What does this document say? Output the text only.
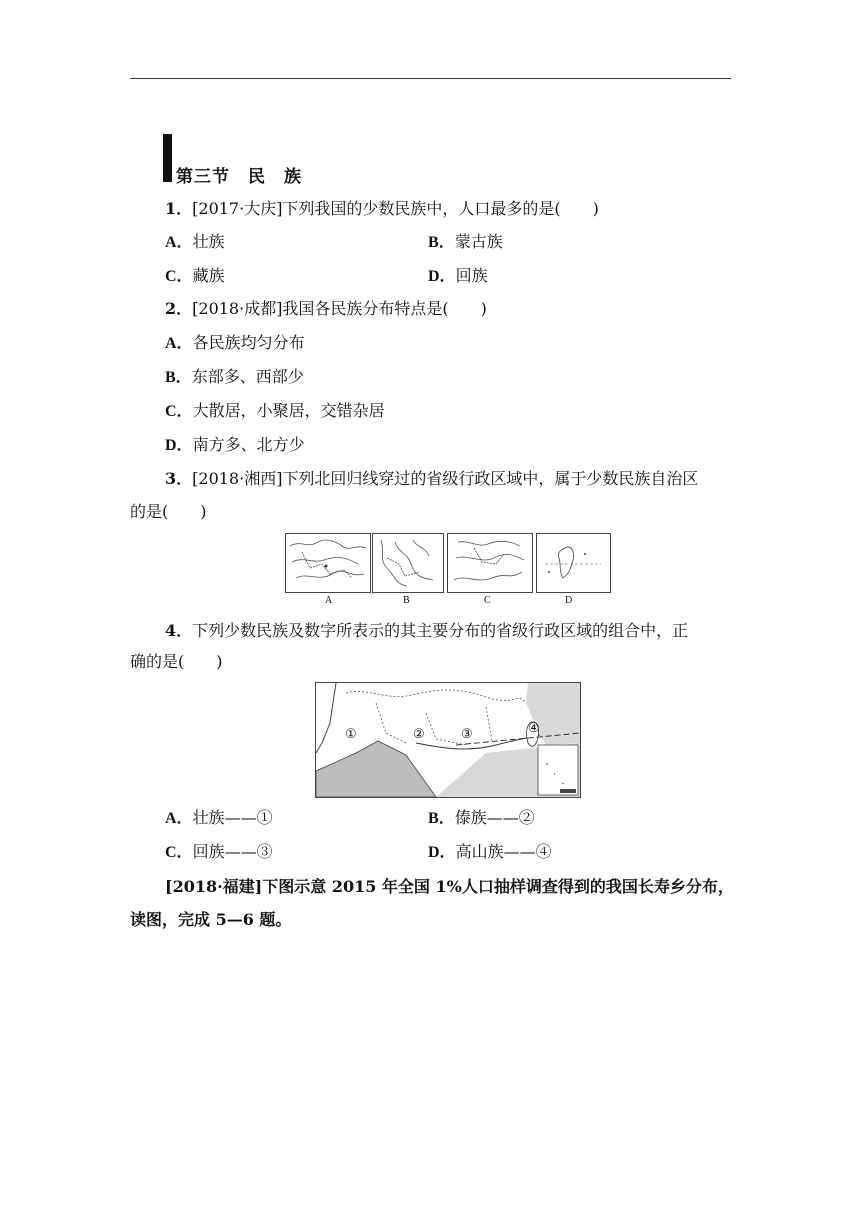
第三节　民　族
1．[2017·大庆]下列我国的少数民族中，人口最多的是(　　)
A．壮族	B．蒙古族
C．藏族	D．回族
2．[2018·成都]我国各民族分布特点是(　　)
A．各民族均匀分布
B．东部多、西部少
C．大散居，小聚居，交错杂居
D．南方多、北方少
3．[2018·湘西]下列北回归线穿过的省级行政区域中，属于少数民族自治区
的是(　　)
A	B	C	D
4．下列少数民族及数字所表示的其主要分布的省级行政区域的组合中，正
确的是(　　)
①	②	③	④
A．壮族——①	B．傣族——②
C．回族——③	D．高山族——④
[2018·福建]下图示意 2015 年全国 1%人口抽样调查得到的我国长寿乡分布，
读图，完成 5—6 题。
